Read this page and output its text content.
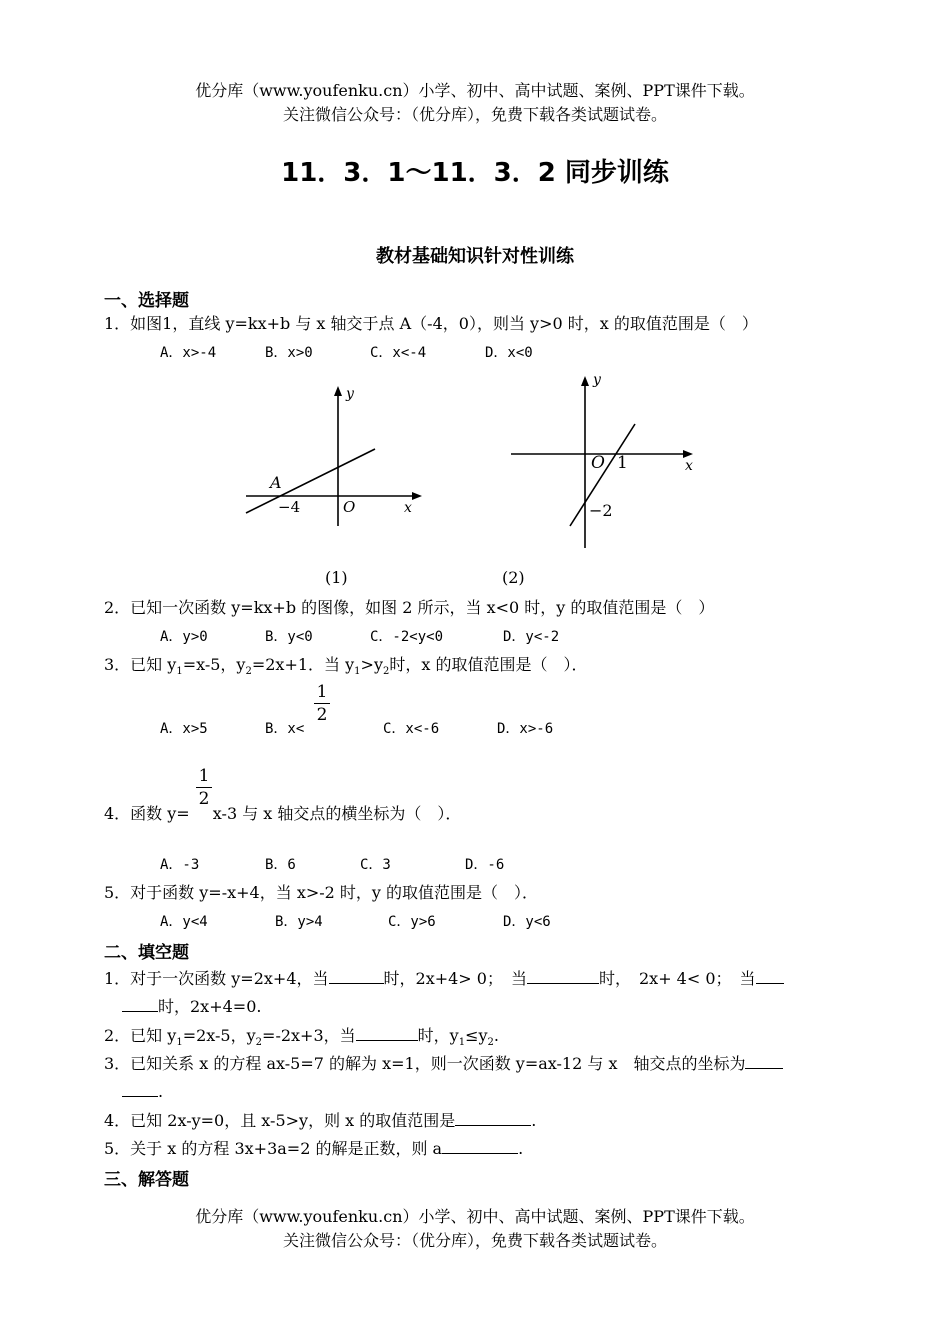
优分库（www.youfenku.cn）小学、初中、高中试题、案例、PPT课件下载。
关注微信公众号：（优分库），免费下载各类试题试卷。
11．3．1～11．3．2 同步训练
教材基础知识针对性训练
一、选择题
1．如图1，直线 y=kx+b 与 x 轴交于点 A（-4，0），则当 y>0 时，x 的取值范围是（　）
A．x>-4	B．x>0	C．x<-4	D．x<0
y
x
A
−4	O
y
x
O 1
−2
(1)	(2)
2．已知一次函数 y=kx+b 的图像，如图 2 所示，当 x<0 时，y 的取值范围是（　）
A．y>0	B．y<0	C．-2<y<0	D．y<-2
3．已知 $y_1=x-5$，$y_2=2x+1$．当 $y_1>y_2$时，x 的取值范围是（　）．
1
2
A．x>5	B．x<	C．x<-6	D．x>-6
1
2
4．函数 y= x-3 与 x 轴交点的横坐标为（　）．
A．-3	B．6	C．3	D．-6
5．对于函数 y=-x+4，当 x>-2 时，y 的取值范围是（　）．
A．y<4	B．y>4	C．y>6	D．y<6
二、填空题
1．对于一次函数 y=2x+4，当	时，2x+4> 0；　当	时，　2x+ 4< 0；　当
时，2x+4=0.
2．已知 $y_1=2x-5$，$y_2=-2x+3$，当	时，$y_1\le y_2$.
3．已知关系 x 的方程 ax-5=7 的解为 x=1，则一次函数 y=ax-12 与 x　轴交点的坐标为
.
4．已知 2x-y=0，且 x-5>y，则 x 的取值范围是	.
5．关于 x 的方程 3x+3a=2 的解是正数，则 a	.
三、解答题
优分库（www.youfenku.cn）小学、初中、高中试题、案例、PPT课件下载。
关注微信公众号：（优分库），免费下载各类试题试卷。
